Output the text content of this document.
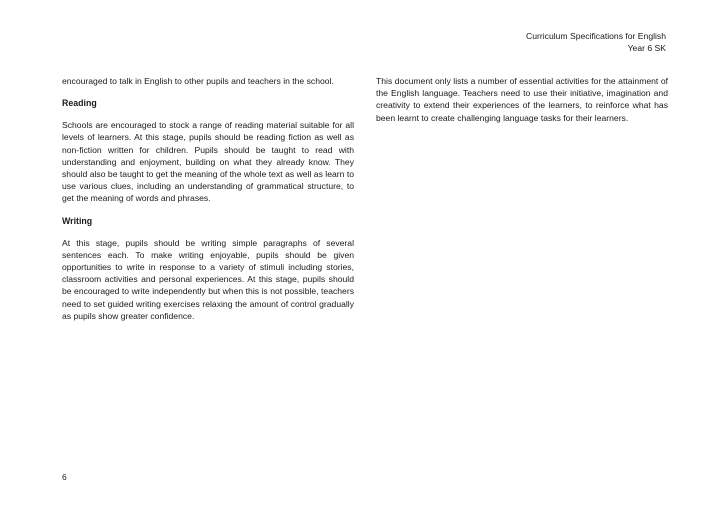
Curriculum Specifications for English
Year 6 SK

encouraged to talk in English to other pupils and teachers in the school.

Reading

Schools are encouraged to stock a range of reading material suitable for all levels of learners. At this stage, pupils should be reading fiction as well as non-fiction written for children. Pupils should be taught to read with understanding and enjoyment, building on what they already know. They should also be taught to get the meaning of the whole text as well as learn to use various clues, including an understanding of grammatical structure, to get the meaning of words and phrases.

Writing

At this stage, pupils should be writing simple paragraphs of several sentences each. To make writing enjoyable, pupils should be given opportunities to write in response to a variety of stimuli including stories, classroom activities and personal experiences. At this stage, pupils should be encouraged to write independently but when this is not possible, teachers need to set guided writing exercises relaxing the amount of control gradually as pupils show greater confidence.

This document only lists a number of essential activities for the attainment of the English language. Teachers need to use their initiative, imagination and creativity to extend their experiences of the learners, to reinforce what has been learnt to create challenging language tasks for their learners.

6
